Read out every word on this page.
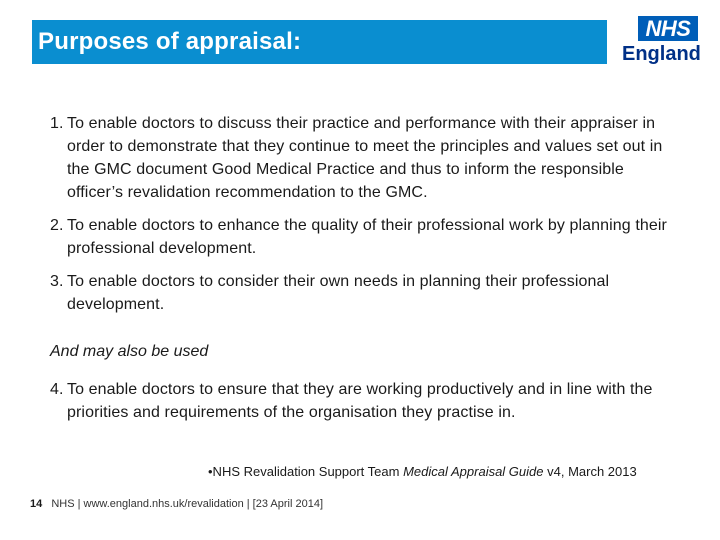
Purposes of appraisal:	NHS
England
1. To enable doctors to discuss their practice and performance with their appraiser in order to demonstrate that they continue to meet the principles and values set out in the GMC document Good Medical Practice and thus to inform the responsible officer’s revalidation recommendation to the GMC.
2. To enable doctors to enhance the quality of their professional work by planning their professional development.
3. To enable doctors to consider their own needs in planning their professional development.
And may also be used
4. To enable doctors to ensure that they are working productively and in line with the priorities and requirements of the organisation they practise in.
•NHS Revalidation Support Team Medical Appraisal Guide v4, March 2013
14 NHS | www.england.nhs.uk/revalidation | [23 April 2014]
